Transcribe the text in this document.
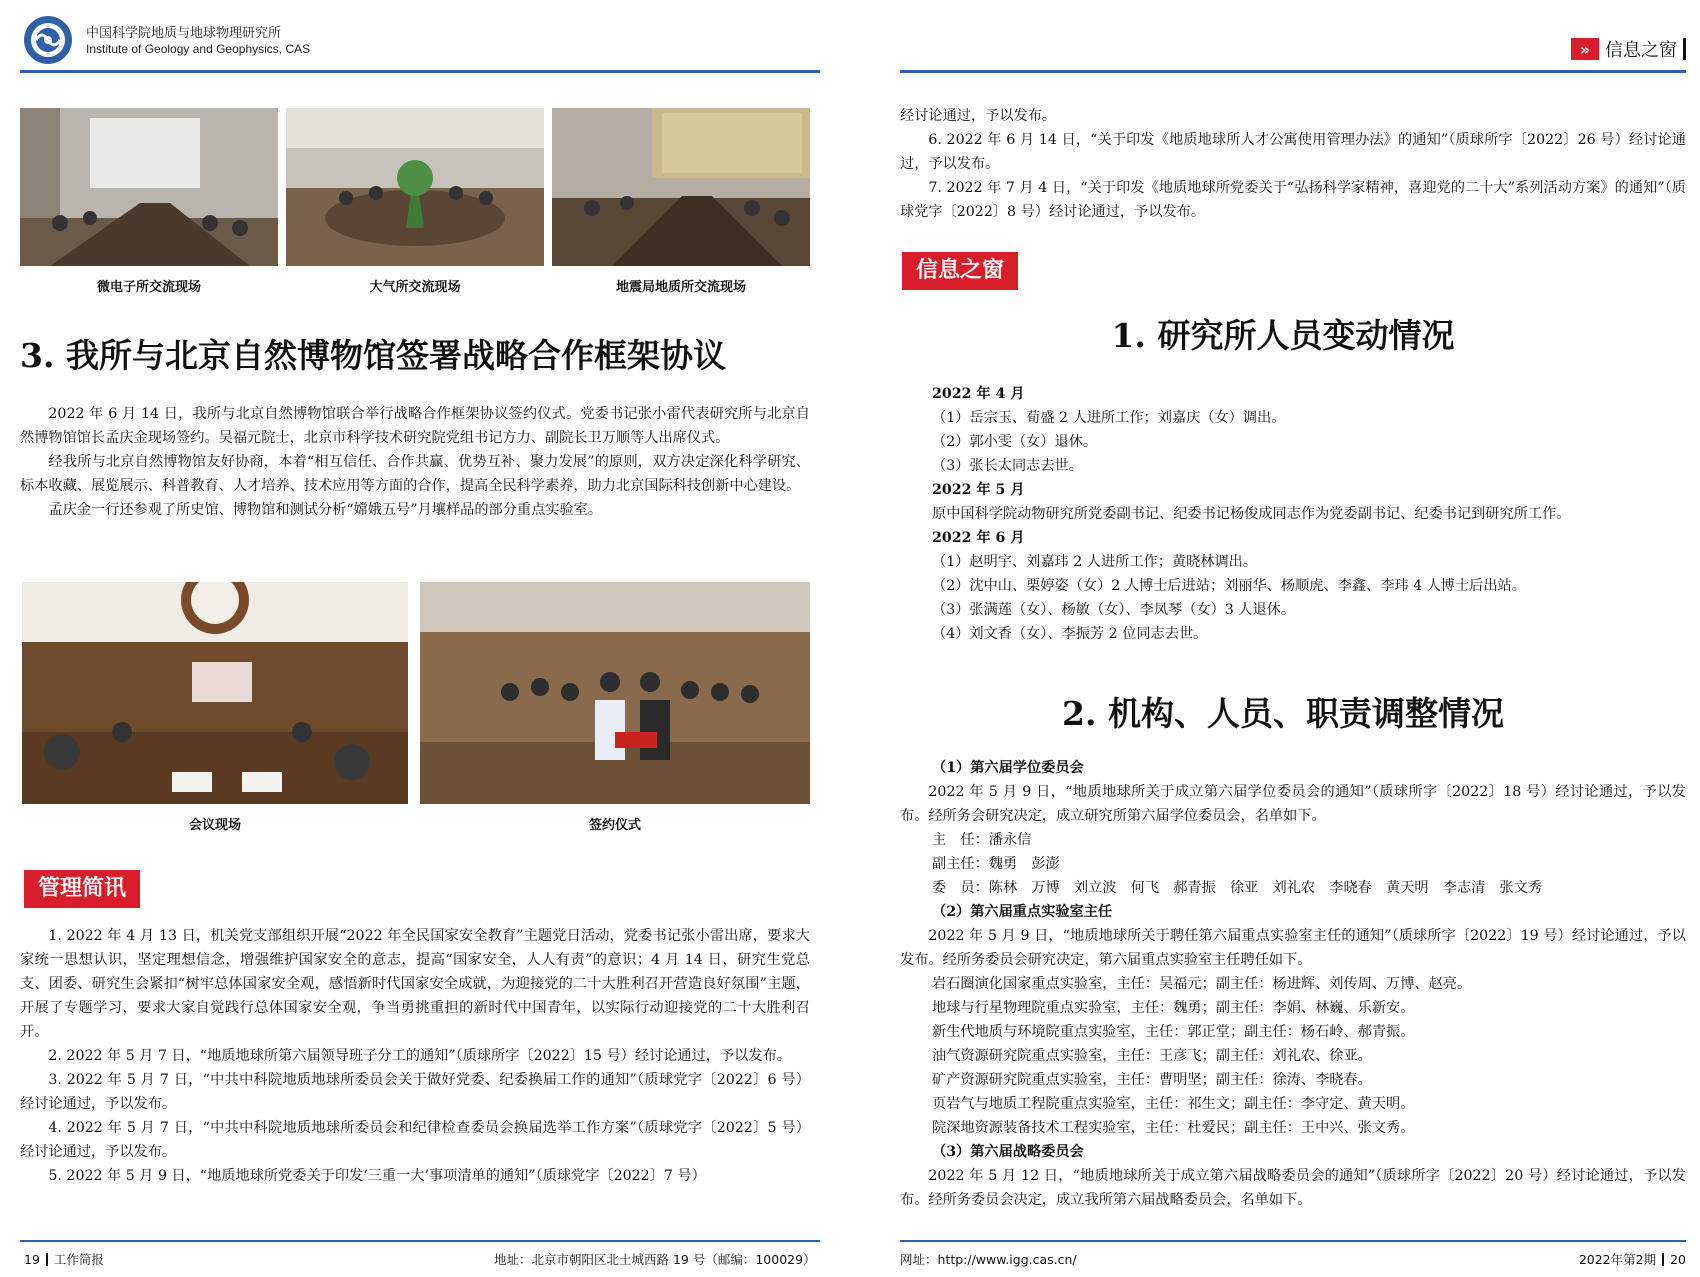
中国科学院地质与地球物理研究所
Institute of Geology and Geophysics, CAS
微电子所交流现场	大气所交流现场	地震局地质所交流现场
3. 我所与北京自然博物馆签署战略合作框架协议

2022 年 6 月 14 日，我所与北京自然博物馆联合举行战略合作框架协议签约仪式。党委书记张小雷代表研究所与北京自然博物馆馆长孟庆金现场签约。吴福元院士，北京市科学技术研究院党组书记方力、副院长卫万顺等人出席仪式。

经我所与北京自然博物馆友好协商，本着“相互信任、合作共赢、优势互补、聚力发展”的原则，双方决定深化科学研究、标本收藏、展览展示、科普教育、人才培养、技术应用等方面的合作，提高全民科学素养，助力北京国际科技创新中心建设。

孟庆金一行还参观了所史馆、博物馆和测试分析“嫦娥五号”月壤样品的部分重点实验室。

会议现场	签约仪式
管理简讯

1. 2022 年 4 月 13 日，机关党支部组织开展“2022 年全民国家安全教育”主题党日活动，党委书记张小雷出席，要求大家统一思想认识，坚定理想信念，增强维护国家安全的意志，提高“国家安全，人人有责”的意识；4 月 14 日，研究生党总支、团委、研究生会紧扣“树牢总体国家安全观，感悟新时代国家安全成就，为迎接党的二十大胜利召开营造良好氛围”主题，开展了专题学习，要求大家自觉践行总体国家安全观，争当勇挑重担的新时代中国青年，以实际行动迎接党的二十大胜利召开。

2. 2022 年 5 月 7 日，“地质地球所第六届领导班子分工的通知”（质球所字〔2022〕15 号）经讨论通过，予以发布。

3. 2022 年 5 月 7 日，“中共中科院地质地球所委员会关于做好党委、纪委换届工作的通知”（质球党字〔2022〕6 号）经讨论通过，予以发布。

4. 2022 年 5 月 7 日，“中共中科院地质地球所委员会和纪律检查委员会换届选举工作方案”（质球党字〔2022〕5 号）经讨论通过，予以发布。

5. 2022 年 5 月 9 日，“地质地球所党委关于印发‘三重一大’事项清单的通知”（质球党字〔2022〕7 号）

19 工作简报	地址：北京市朝阳区北土城西路 19 号（邮编：100029）
» 信息之窗

经讨论通过，予以发布。

6. 2022 年 6 月 14 日，“关于印发《地质地球所人才公寓使用管理办法》的通知”（质球所字〔2022〕26 号）经讨论通过，予以发布。

7. 2022 年 7 月 4 日，“关于印发《地质地球所党委关于“弘扬科学家精神，喜迎党的二十大”系列活动方案》的通知”（质球党字〔2022〕8 号）经讨论通过，予以发布。

信息之窗
1. 研究所人员变动情况

2022 年 4 月

（1）岳宗玉、荀盛 2 人进所工作；刘嘉庆（女）调出。

（2）郭小雯（女）退休。

（3）张长太同志去世。

2022 年 5 月

原中国科学院动物研究所党委副书记、纪委书记杨俊成同志作为党委副书记、纪委书记到研究所工作。

2022 年 6 月

（1）赵明宇、刘嘉玮 2 人进所工作；黄晓林调出。

（2）沈中山、栗婷姿（女）2 人博士后进站；刘丽华、杨顺虎、李鑫、李玮 4 人博士后出站。

（3）张满莲（女）、杨敏（女）、李凤琴（女）3 人退休。

（4）刘文香（女）、李振芳 2 位同志去世。

2. 机构、人员、职责调整情况

（1）第六届学位委员会

2022 年 5 月 9 日，“地质地球所关于成立第六届学位委员会的通知”（质球所字〔2022〕18 号）经讨论通过，予以发布。经所务会研究决定，成立研究所第六届学位委员会，名单如下。

主　任：潘永信

副主任：魏勇　彭澎

委　员：陈林　万博　刘立波　何飞　郝青振　徐亚　刘礼农　李晓春　黄天明　李志清　张文秀

（2）第六届重点实验室主任

2022 年 5 月 9 日，“地质地球所关于聘任第六届重点实验室主任的通知”（质球所字〔2022〕19 号）经讨论通过，予以发布。经所务委员会研究决定，第六届重点实验室主任聘任如下。

岩石圈演化国家重点实验室，主任：吴福元；副主任：杨进辉、刘传周、万博、赵亮。

地球与行星物理院重点实验室，主任：魏勇；副主任：李娟、林巍、乐新安。

新生代地质与环境院重点实验室，主任：郭正堂；副主任：杨石岭、郝青振。

油气资源研究院重点实验室，主任：王彦飞；副主任：刘礼农、徐亚。

矿产资源研究院重点实验室，主任：曹明坚；副主任：徐涛、李晓春。

页岩气与地质工程院重点实验室，主任：祁生文；副主任：李守定、黄天明。

院深地资源装备技术工程实验室，主任：杜爱民；副主任：王中兴、张文秀。

（3）第六届战略委员会

2022 年 5 月 12 日，“地质地球所关于成立第六届战略委员会的通知”（质球所字〔2022〕20 号）经讨论通过，予以发布。经所务委员会决定，成立我所第六届战略委员会，名单如下。

网址：http://www.igg.cas.cn/	2022年第2期 20
